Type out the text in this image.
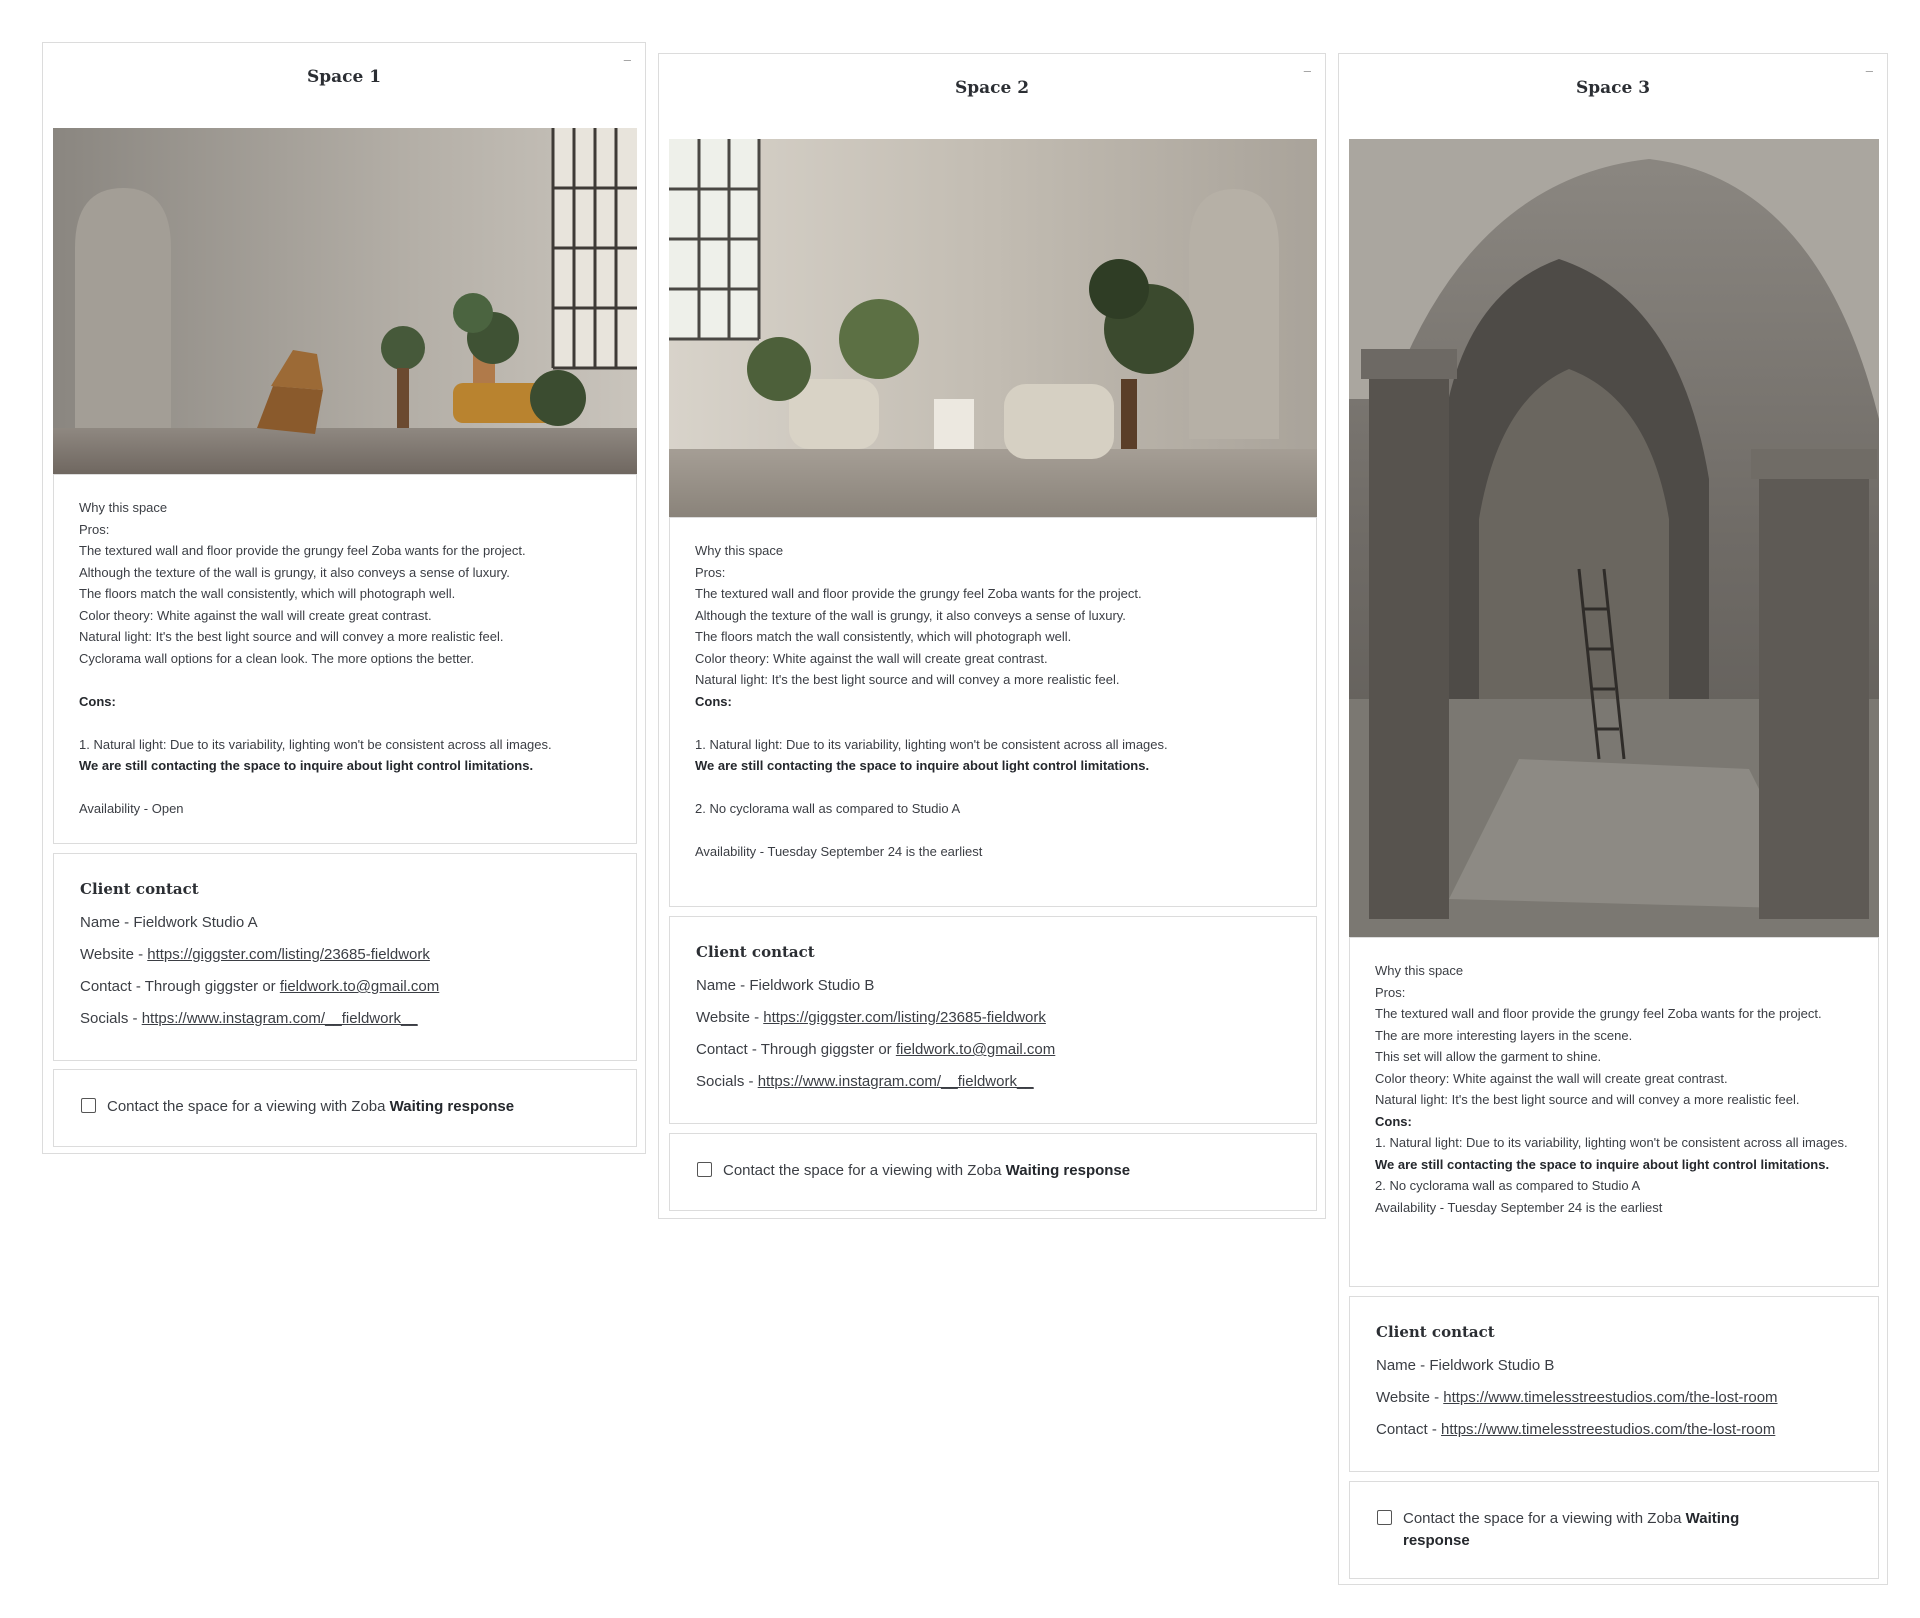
Space 1
–
Why this space
Pros:
The textured wall and floor provide the grungy feel Zoba wants for the project.
Although the texture of the wall is grungy, it also conveys a sense of luxury.
The floors match the wall consistently, which will photograph well.
Color theory: White against the wall will create great contrast.
Natural light: It's the best light source and will convey a more realistic feel.
Cyclorama wall options for a clean look. The more options the better.
Cons:
1. Natural light: Due to its variability, lighting won't be consistent across all images.
We are still contacting the space to inquire about light control limitations.
Availability - Open
Client contact
Name - Fieldwork Studio A
Website - https://giggster.com/listing/23685-fieldwork
Contact - Through giggster or fieldwork.to@gmail.com
Socials - https://www.instagram.com/__fieldwork__
Contact the space for a viewing with Zoba Waiting response
Space 2
–
Why this space
Pros:
The textured wall and floor provide the grungy feel Zoba wants for the project.
Although the texture of the wall is grungy, it also conveys a sense of luxury.
The floors match the wall consistently, which will photograph well.
Color theory: White against the wall will create great contrast.
Natural light: It's the best light source and will convey a more realistic feel.
Cons:
1. Natural light: Due to its variability, lighting won't be consistent across all images.
We are still contacting the space to inquire about light control limitations.
2. No cyclorama wall as compared to Studio A
Availability - Tuesday September 24 is the earliest
Client contact
Name - Fieldwork Studio B
Website - https://giggster.com/listing/23685-fieldwork
Contact - Through giggster or fieldwork.to@gmail.com
Socials - https://www.instagram.com/__fieldwork__
Contact the space for a viewing with Zoba Waiting response
Space 3
–
Why this space
Pros:
The textured wall and floor provide the grungy feel Zoba wants for the project.
The are more interesting layers in the scene.
This set will allow the garment to shine.
Color theory: White against the wall will create great contrast.
Natural light: It's the best light source and will convey a more realistic feel.
Cons:
1. Natural light: Due to its variability, lighting won't be consistent across all images.
We are still contacting the space to inquire about light control limitations.
2. No cyclorama wall as compared to Studio A
Availability - Tuesday September 24 is the earliest
Client contact
Name - Fieldwork Studio B
Website - https://www.timelesstreestudios.com/the-lost-room
Contact - https://www.timelesstreestudios.com/the-lost-room
Contact the space for a viewing with Zoba Waiting response
